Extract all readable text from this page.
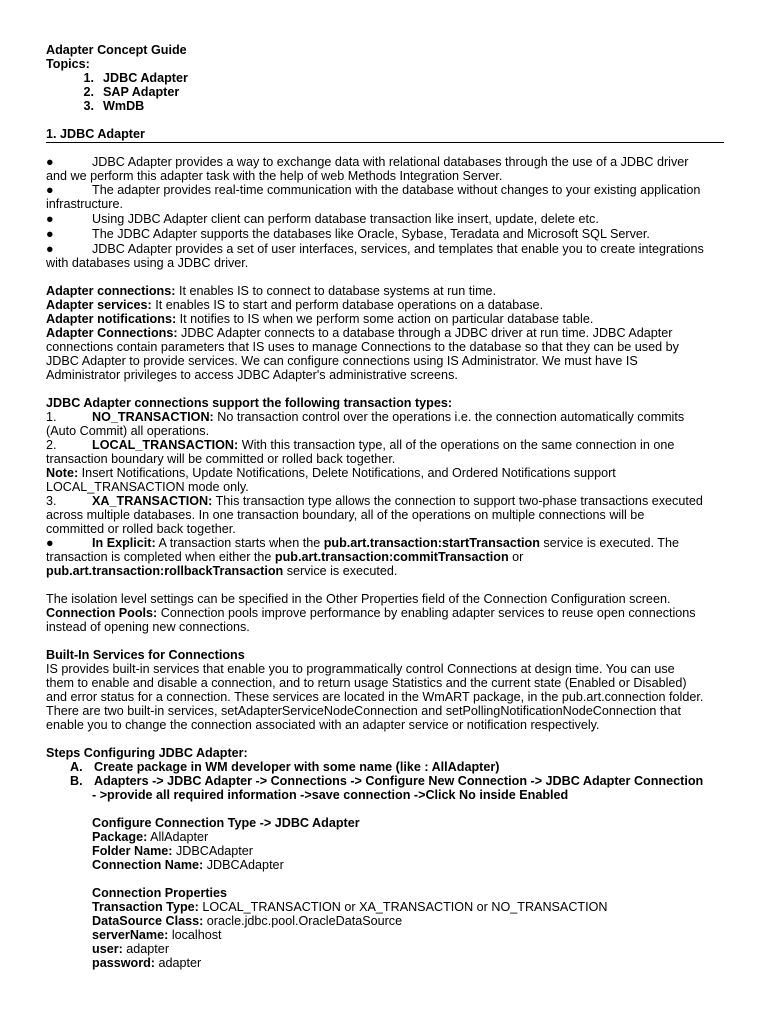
Adapter Concept Guide
Topics:
1. JDBC Adapter
2. SAP Adapter
3. WmDB
1. JDBC Adapter
●	JDBC Adapter provides a way to exchange data with relational databases through the use of a JDBC driver
and we perform this adapter task with the help of web Methods Integration Server.
●	The adapter provides real-time communication with the database without changes to your existing application
infrastructure.
●	Using JDBC Adapter client can perform database transaction like insert, update, delete etc.
●	The JDBC Adapter supports the databases like Oracle, Sybase, Teradata and Microsoft SQL Server.
●	JDBC Adapter provides a set of user interfaces, services, and templates that enable you to create integrations
with databases using a JDBC driver.
Adapter connections: It enables IS to connect to database systems at run time.
Adapter services: It enables IS to start and perform database operations on a database.
Adapter notifications: It notifies to IS when we perform some action on particular database table.
Adapter Connections: JDBC Adapter connects to a database through a JDBC driver at run time. JDBC Adapter
connections contain parameters that IS uses to manage Connections to the database so that they can be used by
JDBC Adapter to provide services. We can configure connections using IS Administrator. We must have IS
Administrator privileges to access JDBC Adapter's administrative screens.
JDBC Adapter connections support the following transaction types:
1.	NO_TRANSACTION: No transaction control over the operations i.e. the connection automatically commits
(Auto Commit) all operations.
2.	LOCAL_TRANSACTION: With this transaction type, all of the operations on the same connection in one
transaction boundary will be committed or rolled back together.
Note: Insert Notifications, Update Notifications, Delete Notifications, and Ordered Notifications support
LOCAL_TRANSACTION mode only.
3.	XA_TRANSACTION: This transaction type allows the connection to support two-phase transactions executed
across multiple databases. In one transaction boundary, all of the operations on multiple connections will be
committed or rolled back together.
●	In Explicit: A transaction starts when the pub.art.transaction:startTransaction service is executed. The
transaction is completed when either the pub.art.transaction:commitTransaction or
pub.art.transaction:rollbackTransaction service is executed.
The isolation level settings can be specified in the Other Properties field of the Connection Configuration screen.
Connection Pools: Connection pools improve performance by enabling adapter services to reuse open connections
instead of opening new connections.
Built-In Services for Connections
IS provides built-in services that enable you to programmatically control Connections at design time. You can use
them to enable and disable a connection, and to return usage Statistics and the current state (Enabled or Disabled)
and error status for a connection. These services are located in the WmART package, in the pub.art.connection folder.
There are two built-in services, setAdapterServiceNodeConnection and setPollingNotificationNodeConnection that
enable you to change the connection associated with an adapter service or notification respectively.
Steps Configuring JDBC Adapter:
A. Create package in WM developer with some name (like : AllAdapter)
B. Adapters -> JDBC Adapter -> Connections -> Configure New Connection -> JDBC Adapter Connection
- >provide all required information ->save connection ->Click No inside Enabled
Configure Connection Type -> JDBC Adapter
Package: AllAdapter
Folder Name: JDBCAdapter
Connection Name: JDBCAdapter
Connection Properties
Transaction Type: LOCAL_TRANSACTION or XA_TRANSACTION or NO_TRANSACTION
DataSource Class: oracle.jdbc.pool.OracleDataSource
serverName: localhost
user: adapter
password: adapter
